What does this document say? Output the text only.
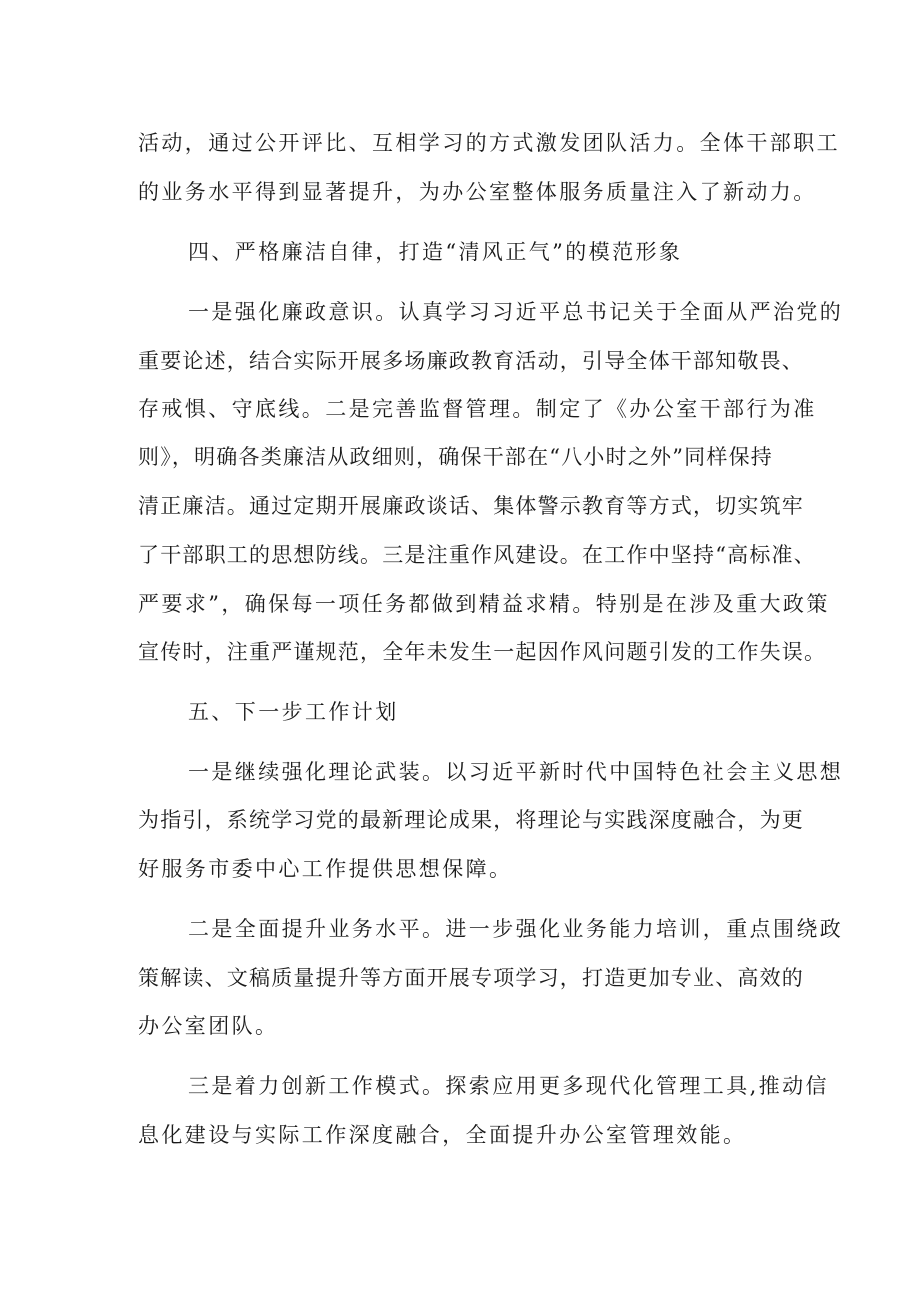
活动，通过公开评比、互相学习的方式激发团队活力。全体干部职工
的业务水平得到显著提升，为办公室整体服务质量注入了新动力。
四、严格廉洁自律，打造“清风正气”的模范形象
一是强化廉政意识。认真学习习近平总书记关于全面从严治党的
重要论述，结合实际开展多场廉政教育活动，引导全体干部知敬畏、
存戒惧、守底线。二是完善监督管理。制定了《办公室干部行为准
则》，明确各类廉洁从政细则，确保干部在“八小时之外”同样保持
清正廉洁。通过定期开展廉政谈话、集体警示教育等方式，切实筑牢
了干部职工的思想防线。三是注重作风建设。在工作中坚持“高标准、
严要求”，确保每一项任务都做到精益求精。特别是在涉及重大政策
宣传时，注重严谨规范，全年未发生一起因作风问题引发的工作失误。
五、下一步工作计划
一是继续强化理论武装。以习近平新时代中国特色社会主义思想
为指引，系统学习党的最新理论成果，将理论与实践深度融合，为更
好服务市委中心工作提供思想保障。
二是全面提升业务水平。进一步强化业务能力培训，重点围绕政
策解读、文稿质量提升等方面开展专项学习，打造更加专业、高效的
办公室团队。
三是着力创新工作模式。探索应用更多现代化管理工具,推动信
息化建设与实际工作深度融合，全面提升办公室管理效能。
